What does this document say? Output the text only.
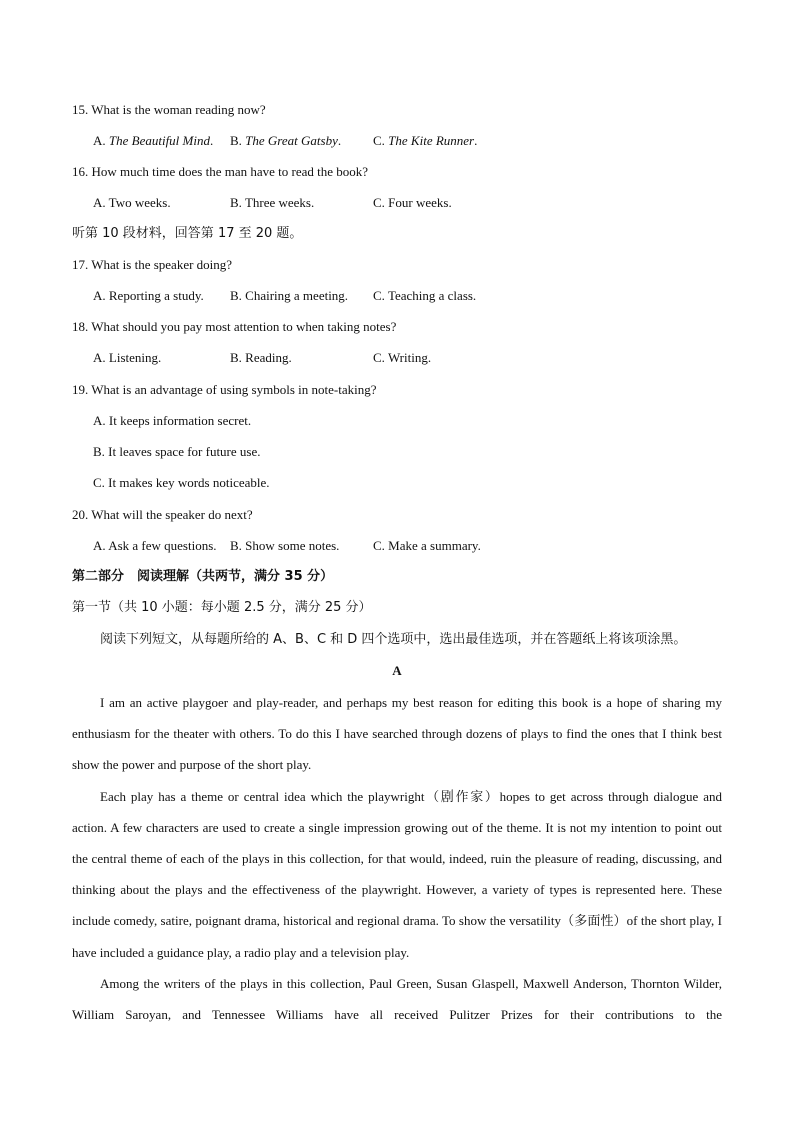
15. What is the woman reading now?
A. The Beautiful Mind. B. The Great Gatsby. C. The Kite Runner.
16. How much time does the man have to read the book?
A. Two weeks.	B. Three weeks.	C. Four weeks.
听第 10 段材料，回答第 17 至 20 题。
17. What is the speaker doing?
A. Reporting a study. B. Chairing a meeting. C. Teaching a class.
18. What should you pay most attention to when taking notes?
A. Listening.	B. Reading.	C. Writing.
19. What is an advantage of using symbols in note-taking?
A. It keeps information secret.
B. It leaves space for future use.
C. It makes key words noticeable.
20. What will the speaker do next?
A. Ask a few questions. B. Show some notes.	C. Make a summary.
第二部分　阅读理解（共两节，满分 35 分）
第一节（共 10 小题：每小题 2.5 分，满分 25 分）
阅读下列短文，从每题所给的 A、B、C 和 D 四个选项中，选出最佳选项，并在答题纸上将该项涂黑。
A

I am an active playgoer and play-reader, and perhaps my best reason for editing this book is a hope of sharing my enthusiasm for the theater with others. To do this I have searched through dozens of plays to find the ones that I think best show the power and purpose of the short play.

Each play has a theme or central idea which the playwright（剧作家）hopes to get across through dialogue and action. A few characters are used to create a single impression growing out of the theme. It is not my intention to point out the central theme of each of the plays in this collection, for that would, indeed, ruin the pleasure of reading, discussing, and thinking about the plays and the effectiveness of the playwright. However, a variety of types is represented here. These include comedy, satire, poignant drama, historical and regional drama. To show the versatility（多面性）of the short play, I have included a guidance play, a radio play and a television play.

Among the writers of the plays in this collection, Paul Green, Susan Glaspell, Maxwell Anderson, Thornton Wilder, William Saroyan, and Tennessee Williams have all received Pulitzer Prizes for their contributions to the
